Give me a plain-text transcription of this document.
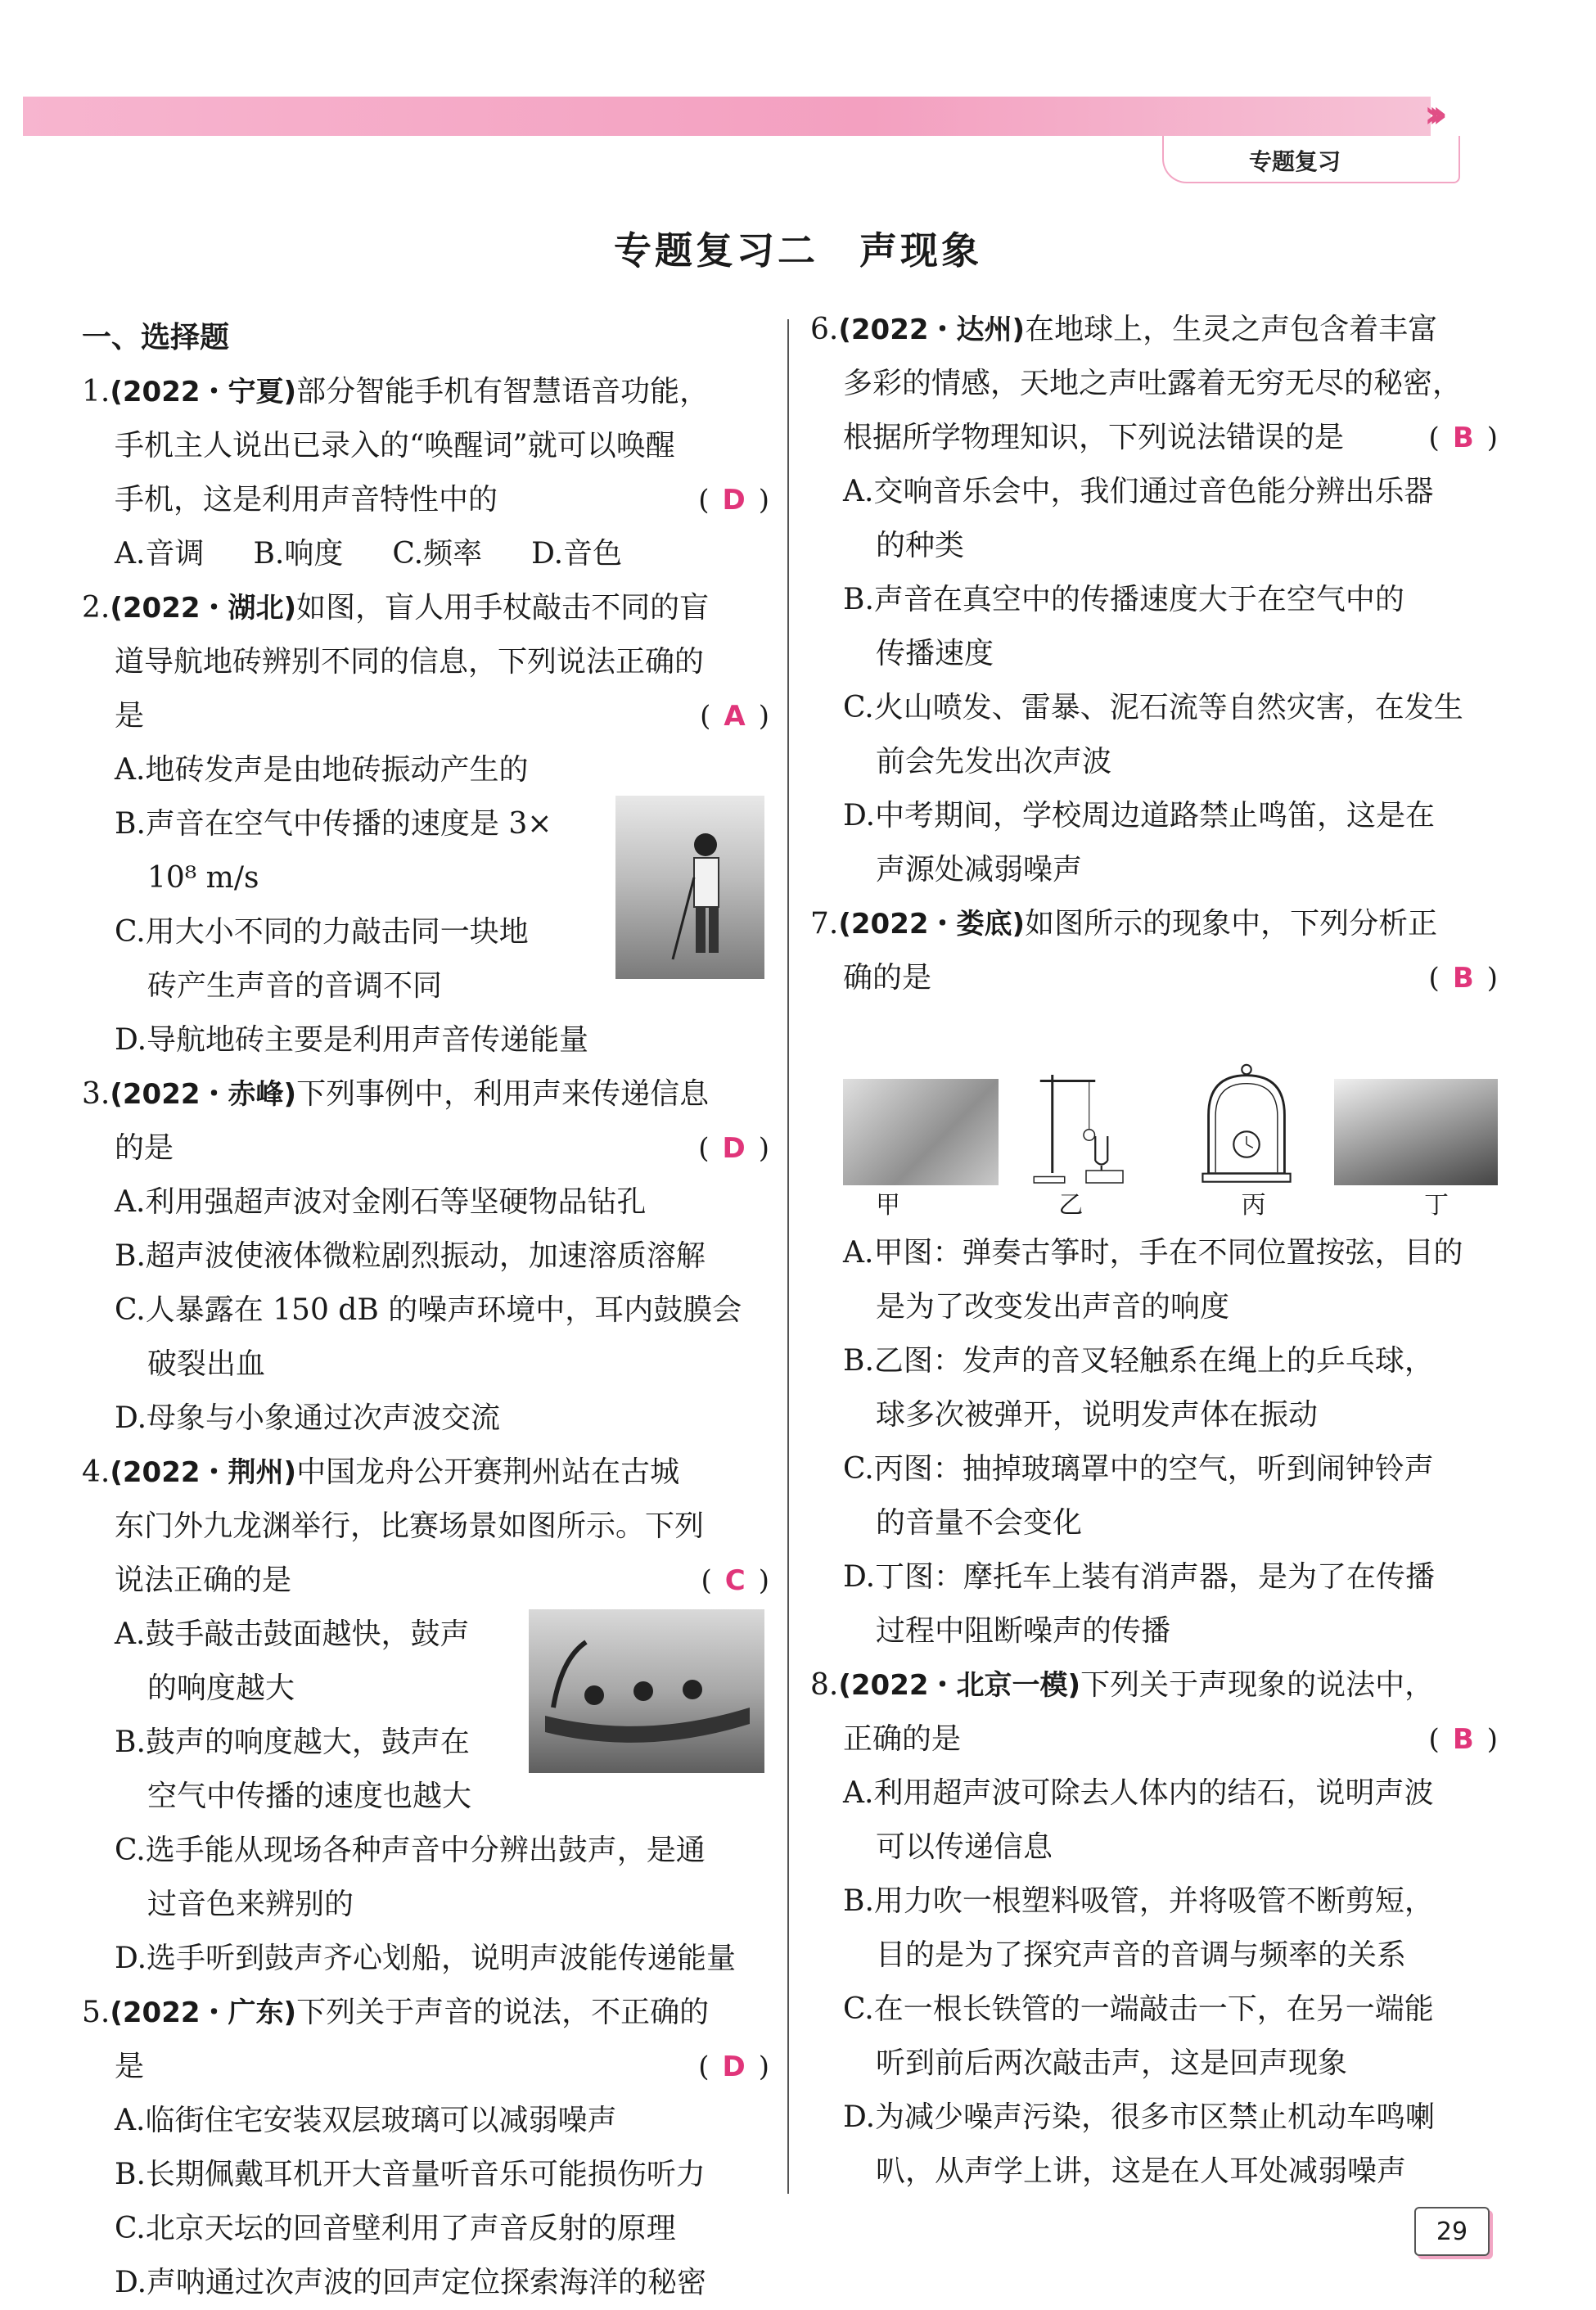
›››
专题复习
专题复习二　声现象
一、选择题
1.(2022・宁夏)部分智能手机有智慧语音功能，
手机主人说出已录入的“唤醒词”就可以唤醒
手机，这是利用声音特性中的	( D )
A.音调 B.响度 C.频率 D.音色
2.(2022・湖北)如图，盲人用手杖敲击不同的盲
道导航地砖辨别不同的信息，下列说法正确的
是	( A )
A.地砖发声是由地砖振动产生的
B.声音在空气中传播的速度是 3×
10⁸ m/s
C.用大小不同的力敲击同一块地
砖产生声音的音调不同
D.导航地砖主要是利用声音传递能量
3.(2022・赤峰)下列事例中，利用声来传递信息
的是	( D )
A.利用强超声波对金刚石等坚硬物品钻孔
B.超声波使液体微粒剧烈振动，加速溶质溶解
C.人暴露在 150 dB 的噪声环境中，耳内鼓膜会
破裂出血
D.母象与小象通过次声波交流
4.(2022・荆州)中国龙舟公开赛荆州站在古城
东门外九龙渊举行，比赛场景如图所示。下列
说法正确的是	( C )
A.鼓手敲击鼓面越快，鼓声
的响度越大
B.鼓声的响度越大，鼓声在
空气中传播的速度也越大
C.选手能从现场各种声音中分辨出鼓声，是通
过音色来辨别的
D.选手听到鼓声齐心划船，说明声波能传递能量
5.(2022・广东)下列关于声音的说法，不正确的
是	( D )
A.临街住宅安装双层玻璃可以减弱噪声
B.长期佩戴耳机开大音量听音乐可能损伤听力
C.北京天坛的回音壁利用了声音反射的原理
D.声呐通过次声波的回声定位探索海洋的秘密
6.(2022・达州)在地球上，生灵之声包含着丰富
多彩的情感，天地之声吐露着无穷无尽的秘密，
根据所学物理知识，下列说法错误的是	( B )
A.交响音乐会中，我们通过音色能分辨出乐器
的种类
B.声音在真空中的传播速度大于在空气中的
传播速度
C.火山喷发、雷暴、泥石流等自然灾害，在发生
前会先发出次声波
D.中考期间，学校周边道路禁止鸣笛，这是在
声源处减弱噪声
7.(2022・娄底)如图所示的现象中，下列分析正
确的是	( B )
甲	乙	丙	丁
A.甲图：弹奏古筝时，手在不同位置按弦，目的
是为了改变发出声音的响度
B.乙图：发声的音叉轻触系在绳上的乒乓球，
球多次被弹开，说明发声体在振动
C.丙图：抽掉玻璃罩中的空气，听到闹钟铃声
的音量不会变化
D.丁图：摩托车上装有消声器，是为了在传播
过程中阻断噪声的传播
8.(2022・北京一模)下列关于声现象的说法中，
正确的是	( B )
A.利用超声波可除去人体内的结石，说明声波
可以传递信息
B.用力吹一根塑料吸管，并将吸管不断剪短，
目的是为了探究声音的音调与频率的关系
C.在一根长铁管的一端敲击一下，在另一端能
听到前后两次敲击声，这是回声现象
D.为减少噪声污染，很多市区禁止机动车鸣喇
叭，从声学上讲，这是在人耳处减弱噪声
29
